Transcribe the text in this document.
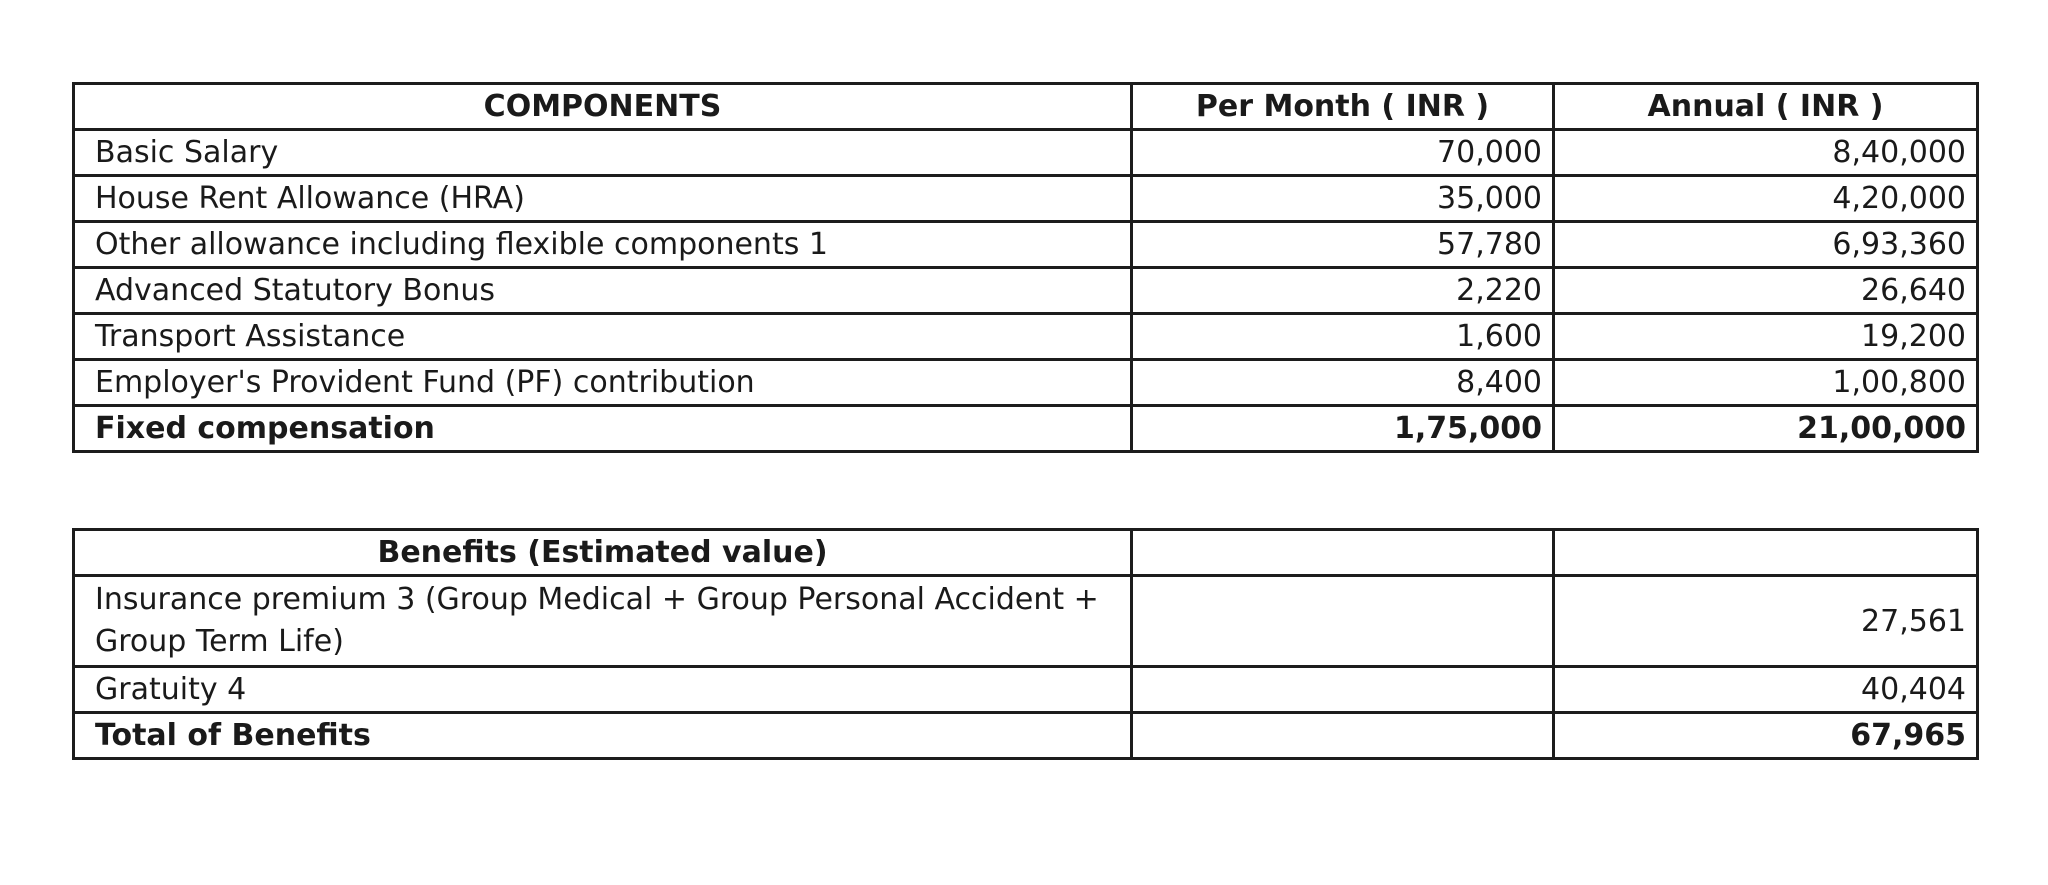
COMPONENTS	Per Month ( INR )	Annual ( INR )
Basic Salary	70,000	8,40,000
House Rent Allowance (HRA)	35,000	4,20,000
Other allowance including flexible components 1	57,780	6,93,360
Advanced Statutory Bonus	2,220	26,640
Transport Assistance	1,600	19,200
Employer's Provident Fund (PF) contribution	8,400	1,00,800
Fixed compensation	1,75,000	21,00,000
Benefits (Estimated value)		
Insurance premium 3 (Group Medical + Group Personal Accident + Group Term Life)		27,561
Gratuity 4		40,404
Total of Benefits		67,965
